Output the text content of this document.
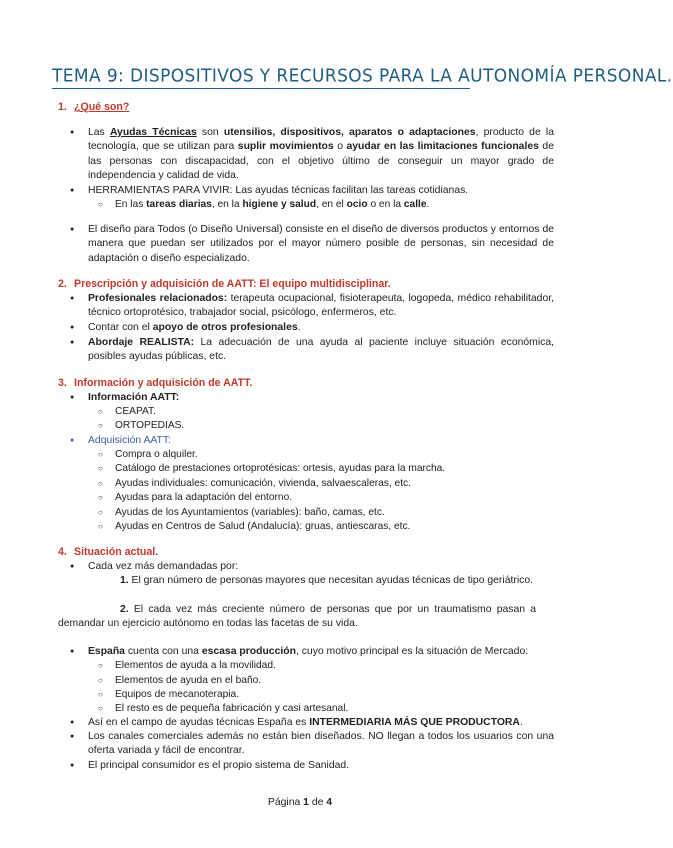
TEMA 9: DISPOSITIVOS Y RECURSOS PARA LA AUTONOMÍA PERSONAL.
1. ¿Qué son?
● Las Ayudas Técnicas son utensilios, dispositivos, aparatos o adaptaciones, producto de la tecnología, que se utilizan para suplir movimientos o ayudar en las limitaciones funcionales de las personas con discapacidad, con el objetivo último de conseguir un mayor grado de independencia y calidad de vida.
● HERRAMIENTAS PARA VIVIR: Las ayudas técnicas facilitan las tareas cotidianas.
○ En las tareas diarias, en la higiene y salud, en el ocio o en la calle.
● El diseño para Todos (o Diseño Universal) consiste en el diseño de diversos productos y entornos de manera que puedan ser utilizados por el mayor número posible de personas, sin necesidad de adaptación o diseño especializado.
2. Prescripción y adquisición de AATT: El equipo multidisciplinar.
● Profesionales relacionados: terapeuta ocupacional, fisioterapeuta, logopeda, médico rehabilitador, técnico ortoprotésico, trabajador social, psicólogo, enfermeros, etc.
● Contar con el apoyo de otros profesionales.
● Abordaje REALISTA: La adecuación de una ayuda al paciente incluye situación económica, posibles ayudas públicas, etc.
3. Información y adquisición de AATT.
● Información AATT:
○ CEAPAT.
○ ORTOPEDIAS.
● Adquisición AATT:
○ Compra o alquiler.
○ Catálogo de prestaciones ortoprotésicas: ortesis, ayudas para la marcha.
○ Ayudas individuales: comunicación, vivienda, salvaescaleras, etc.
○ Ayudas para la adaptación del entorno.
○ Ayudas de los Ayuntamientos (variables): baño, camas, etc.
○ Ayudas en Centros de Salud (Andalucía): gruas, antiescaras, etc.
4. Situación actual.
● Cada vez más demandadas por:
1. El gran número de personas mayores que necesitan ayudas técnicas de tipo geriátrico.
2. El cada vez más creciente número de personas que por un traumatismo pasan a demandar un ejercicio autónomo en todas las facetas de su vida.
● España cuenta con una escasa producción, cuyo motivo principal es la situación de Mercado:
○ Elementos de ayuda a la movilidad.
○ Elementos de ayuda en el baño.
○ Equipos de mecanoterapia.
○ El resto es de pequeña fabricación y casi artesanal.
● Así en el campo de ayudas técnicas España es INTERMEDIARIA MÁS QUE PRODUCTORA.
● Los canales comerciales además no están bien diseñados. NO llegan a todos los usuarios con una oferta variada y fácil de encontrar.
● El principal consumidor es el propio sistema de Sanidad.
Página 1 de 4
